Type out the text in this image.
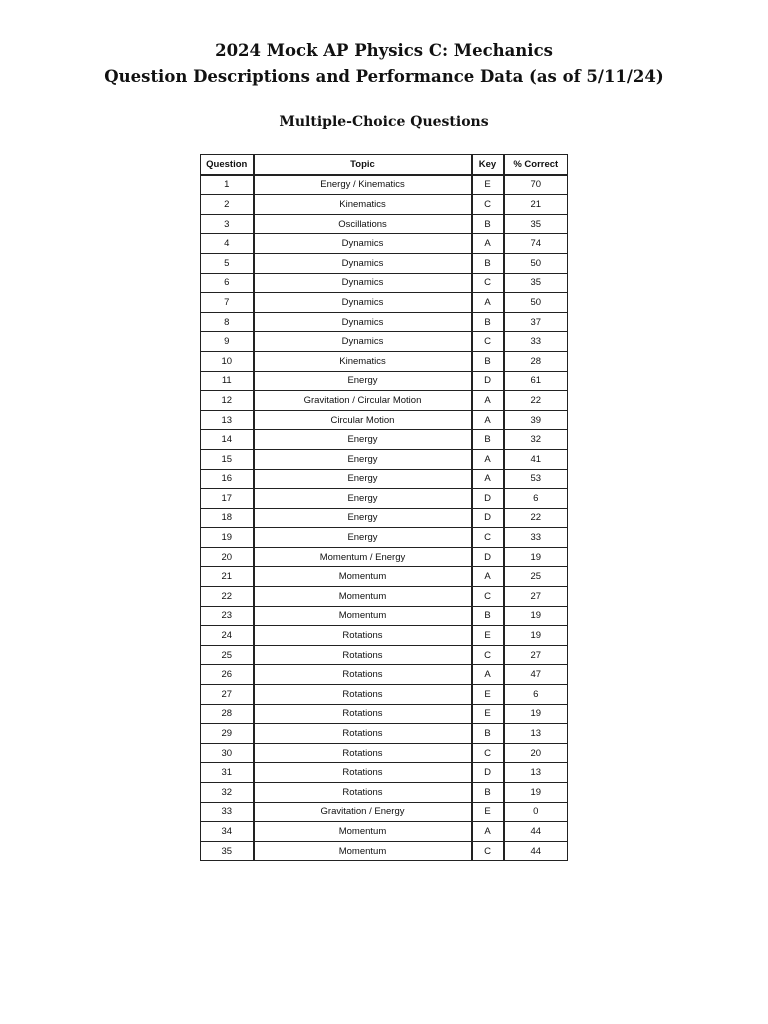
2024 Mock AP Physics C: Mechanics
Question Descriptions and Performance Data (as of 5/11/24)
Multiple-Choice Questions
Question	Topic	Key	% Correct
1	Energy / Kinematics	E	70
2	Kinematics	C	21
3	Oscillations	B	35
4	Dynamics	A	74
5	Dynamics	B	50
6	Dynamics	C	35
7	Dynamics	A	50
8	Dynamics	B	37
9	Dynamics	C	33
10	Kinematics	B	28
11	Energy	D	61
12	Gravitation / Circular Motion	A	22
13	Circular Motion	A	39
14	Energy	B	32
15	Energy	A	41
16	Energy	A	53
17	Energy	D	6
18	Energy	D	22
19	Energy	C	33
20	Momentum / Energy	D	19
21	Momentum	A	25
22	Momentum	C	27
23	Momentum	B	19
24	Rotations	E	19
25	Rotations	C	27
26	Rotations	A	47
27	Rotations	E	6
28	Rotations	E	19
29	Rotations	B	13
30	Rotations	C	20
31	Rotations	D	13
32	Rotations	B	19
33	Gravitation / Energy	E	0
34	Momentum	A	44
35	Momentum	C	44
